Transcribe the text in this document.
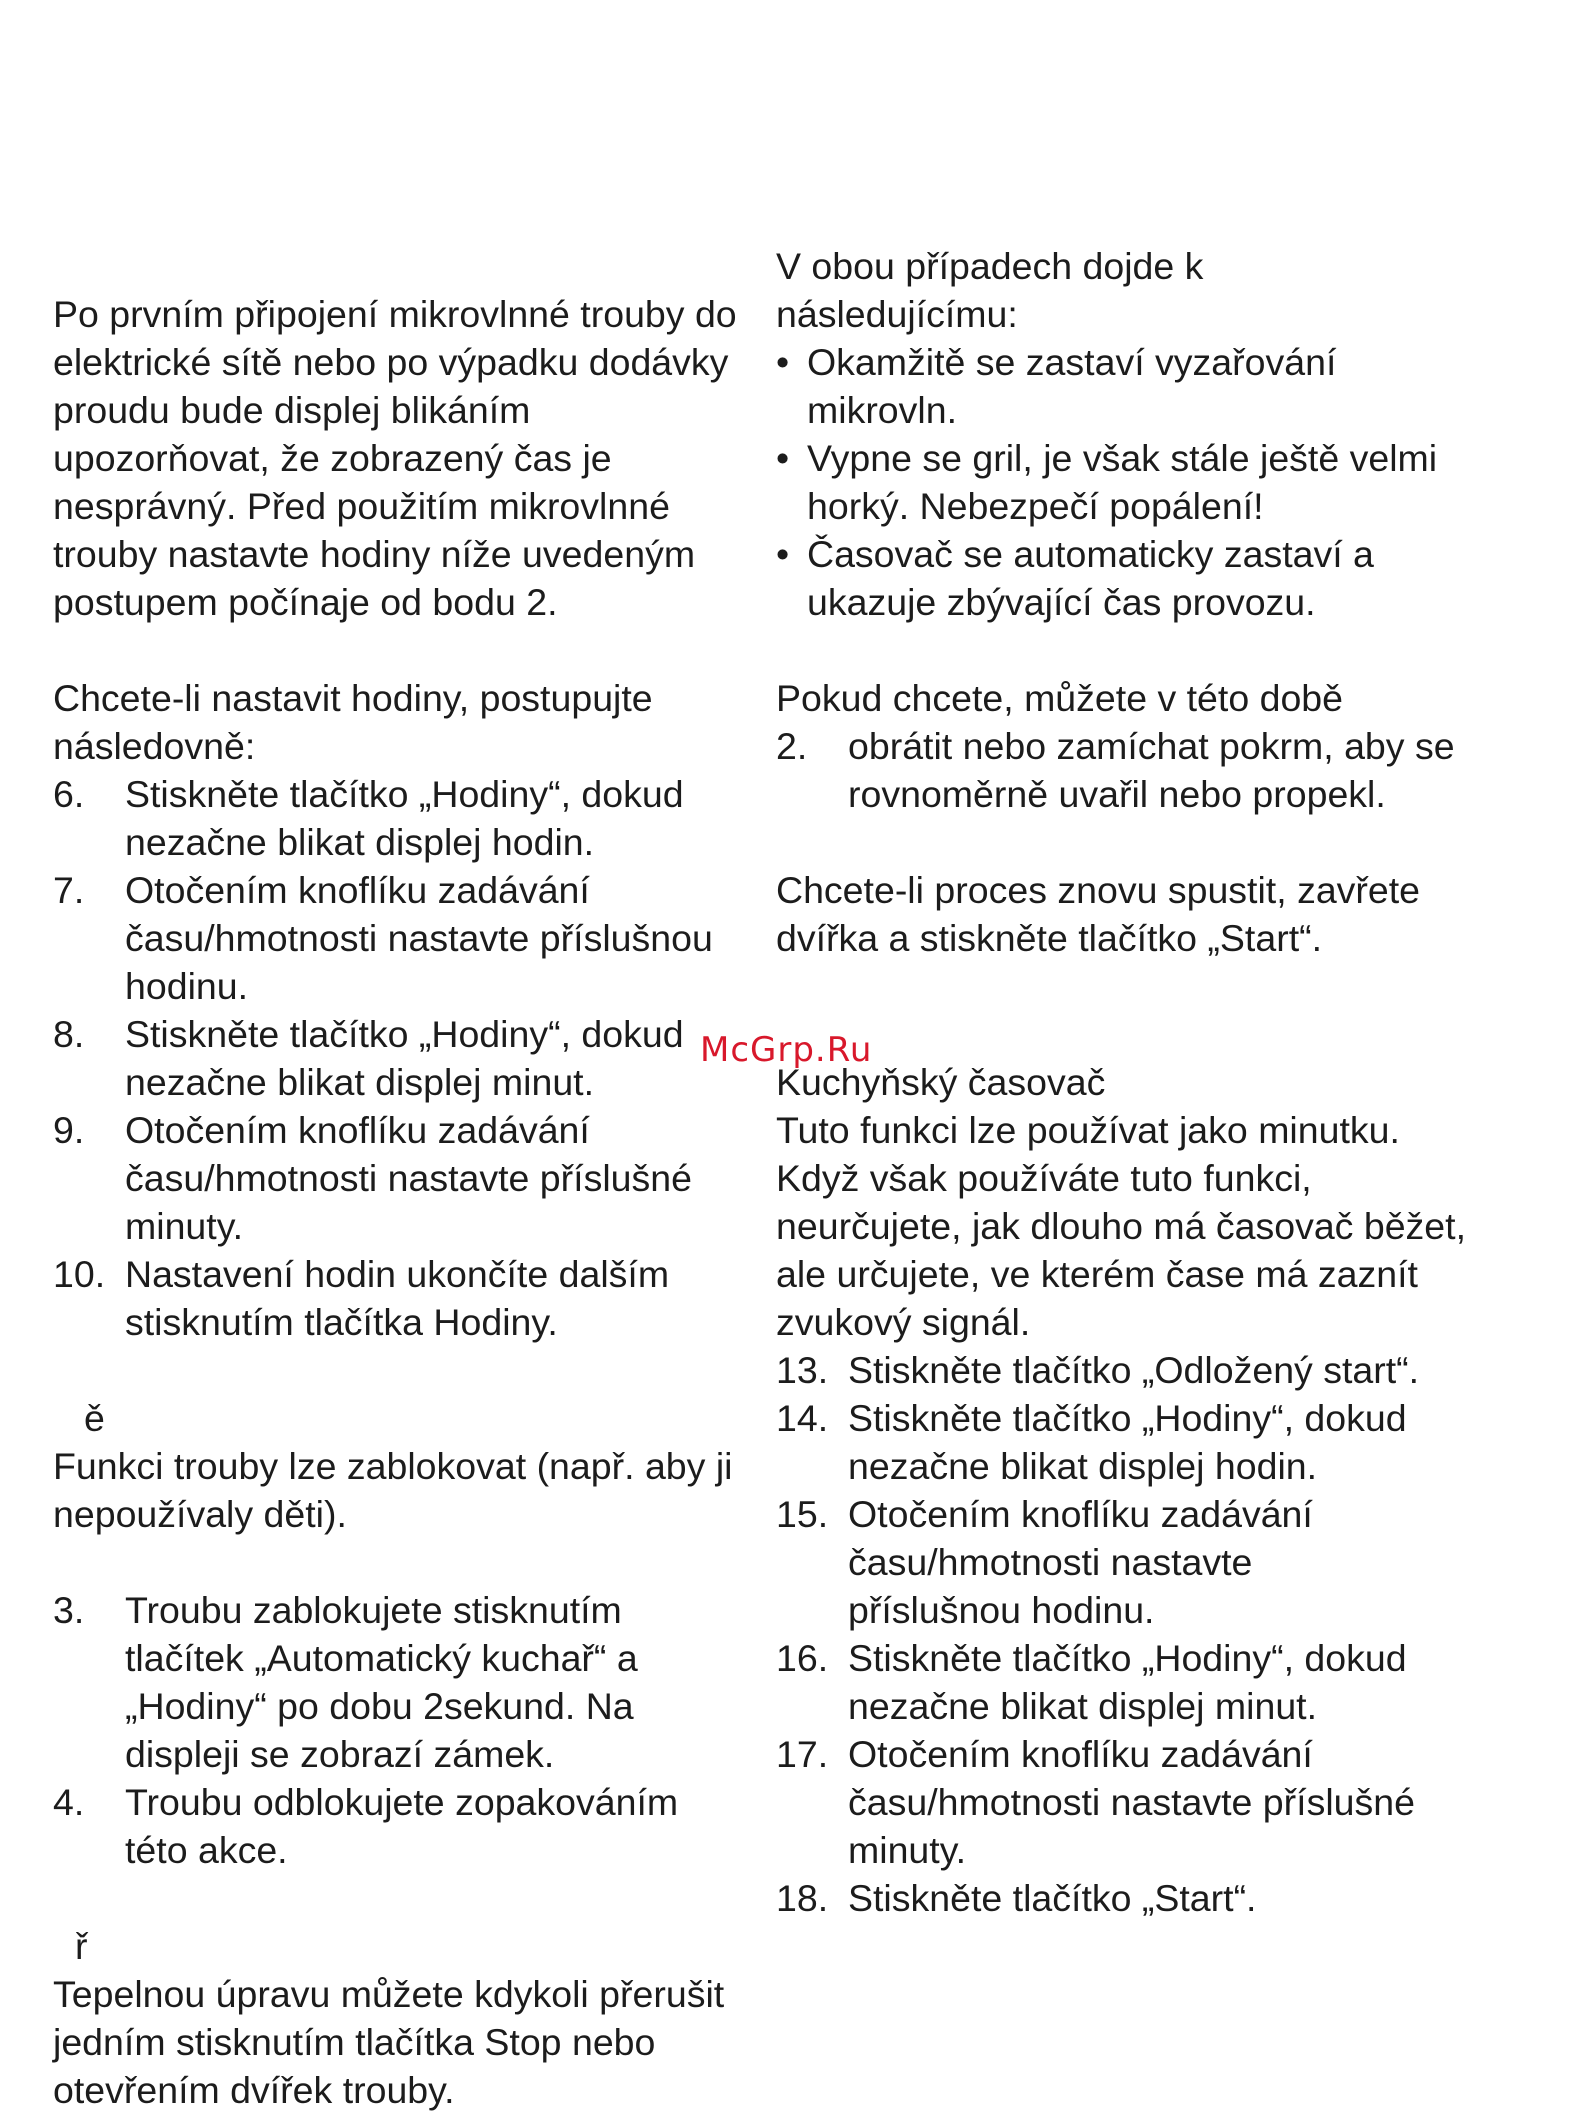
Po prvním připojení mikrovlnné trouby do elektrické sítě nebo po výpadku dodávky proudu bude displej blikáním upozorňovat, že zobrazený čas je nesprávný. Před použitím mikrovlnné trouby nastavte hodiny níže uvedeným postupem počínaje od bodu 2.

Chcete-li nastavit hodiny, postupujte následovně:

6.	Stiskněte tlačítko „Hodiny“, dokud nezačne blikat displej hodin.
7.	Otočením knoflíku zadávání času/hmotnosti nastavte příslušnou hodinu.
8.	Stiskněte tlačítko „Hodiny“, dokud nezačne blikat displej minut.
9.	Otočením knoflíku zadávání času/hmotnosti nastavte příslušné minuty.
10. Nastavení hodin ukončíte dalším stisknutím tlačítka Hodiny.

ě

Funkci trouby lze zablokovat (např. aby ji nepoužívaly děti).

3.	Troubu zablokujete stisknutím tlačítek „Automatický kuchař“ a „Hodiny“ po dobu 2sekund. Na displeji se zobrazí zámek.
4.	Troubu odblokujete zopakováním této akce.

ř

Tepelnou úpravu můžete kdykoli přerušit jedním stisknutím tlačítka Stop nebo otevřením dvířek trouby.

V obou případech dojde k následujícímu:

• Okamžitě se zastaví vyzařování mikrovln.
• Vypne se gril, je však stále ještě velmi horký. Nebezpečí popálení!
• Časovač se automaticky zastaví a ukazuje zbývající čas provozu.

Pokud chcete, můžete v této době

2.	obrátit nebo zamíchat pokrm, aby se rovnoměrně uvařil nebo propekl.

Chcete-li proces znovu spustit, zavřete dvířka a stiskněte tlačítko „Start“.

Kuchyňský časovač

Tuto funkci lze používat jako minutku. Když však používáte tuto funkci, neurčujete, jak dlouho má časovač běžet, ale určujete, ve kterém čase má zaznít zvukový signál.

13. Stiskněte tlačítko „Odložený start“.
14. Stiskněte tlačítko „Hodiny“, dokud nezačne blikat displej hodin.
15. Otočením knoflíku zadávání času/hmotnosti nastavte příslušnou hodinu.
16. Stiskněte tlačítko „Hodiny“, dokud nezačne blikat displej minut.
17. Otočením knoflíku zadávání času/hmotnosti nastavte příslušné minuty.
18. Stiskněte tlačítko „Start“.
McGrp.Ru
